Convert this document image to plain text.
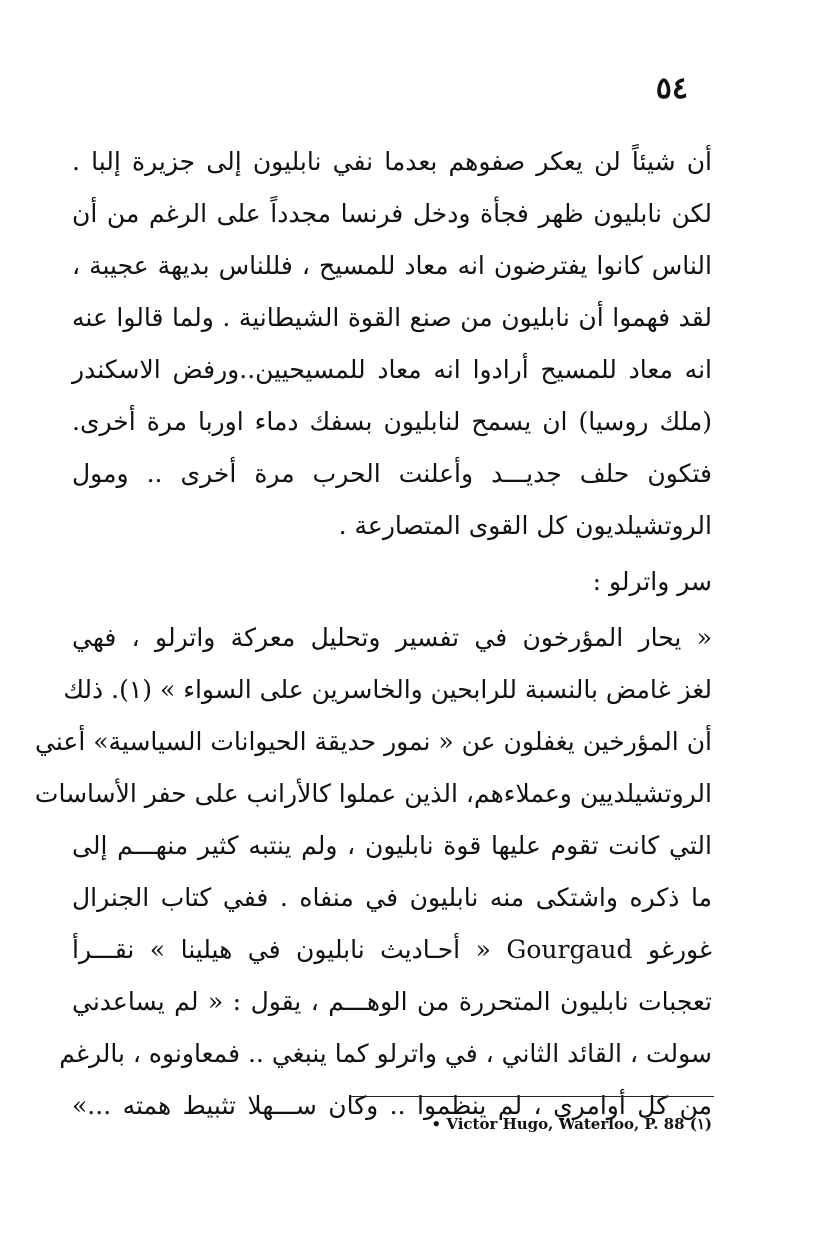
٥٤
أن شيئاً لن يعكر صفوهم بعدما نفي نابليون إلى جزيرة إلبا .
لكن نابليون ظهر فجأة ودخل فرنسا مجدداً على الرغم من أن
الناس كانوا يفترضون انه معاد للمسيح ، فللناس بديهة عجيبة ،
لقد فهموا أن نابليون من صنع القوة الشيطانية . ولما قالوا عنه
انه معاد للمسيح أرادوا انه معاد للمسيحيين..ورفض الاسكندر
(ملك روسيا) ان يسمح لنابليون بسفك دماء اوربا مرة أخرى.
فتكون حلف جديـــد وأعلنت الحرب مرة أخرى .. ومول
الروتشيلديون كل القوى المتصارعة .
سر واترلو :
« يحار المؤرخون في تفسير وتحليل معركة واترلو ، فهي
لغز غامض بالنسبة للرابحين والخاسرين على السواء » (١). ذلك
أن المؤرخين يغفلون عن « نمور حديقة الحيوانات السياسية» أعني
الروتشيلديين وعملاءهم، الذين عملوا كالأرانب على حفر الأساسات
التي كانت تقوم عليها قوة نابليون ، ولم ينتبه كثير منهـــم إلى
ما ذكره واشتكى منه نابليون في منفاه . ففي كتاب الجنرال
غورغو Gourgaud « أحـاديث نابليون في هيلينا » نقـــرأ
تعجبات نابليون المتحررة من الوهـــم ، يقول : « لم يساعدني
سولت ، القائد الثاني ، في واترلو كما ينبغي .. فمعاونوه ، بالرغم
من كل أوامري ، لم ينظموا .. وكان ســـهلا تثبيط همته ...»
• Victor Hugo, Waterloo, P. 88 (١)
